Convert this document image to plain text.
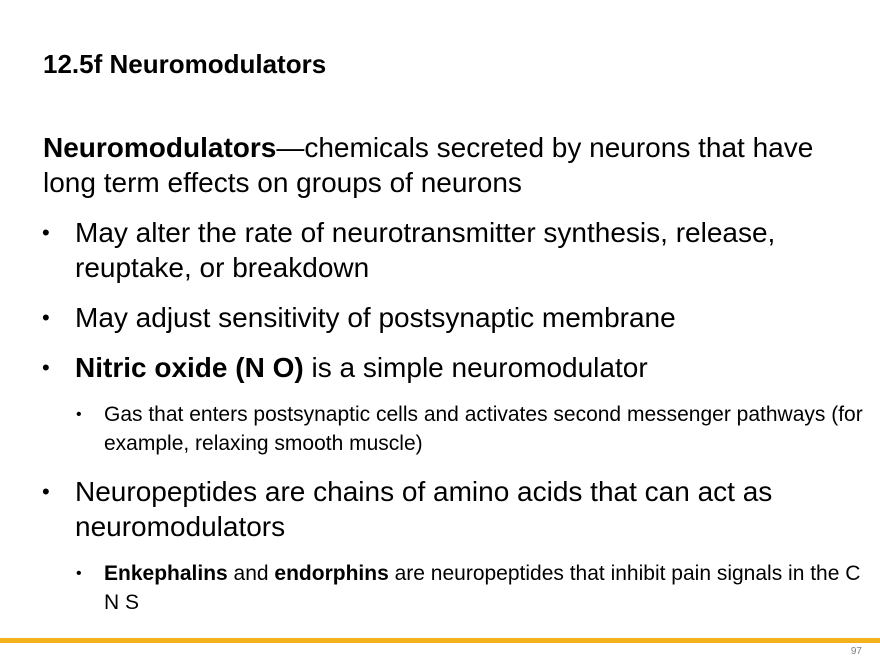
12.5f Neuromodulators

Neuromodulators—chemicals secreted by neurons that have long term effects on groups of neurons

• May alter the rate of neurotransmitter synthesis, release, reuptake, or breakdown

• May adjust sensitivity of postsynaptic membrane

• Nitric oxide (N O) is a simple neuromodulator

• Gas that enters postsynaptic cells and activates second messenger pathways (for example, relaxing smooth muscle)

• Neuropeptides are chains of amino acids that can act as neuromodulators

• Enkephalins and endorphins are neuropeptides that inhibit pain signals in the C N S

97
